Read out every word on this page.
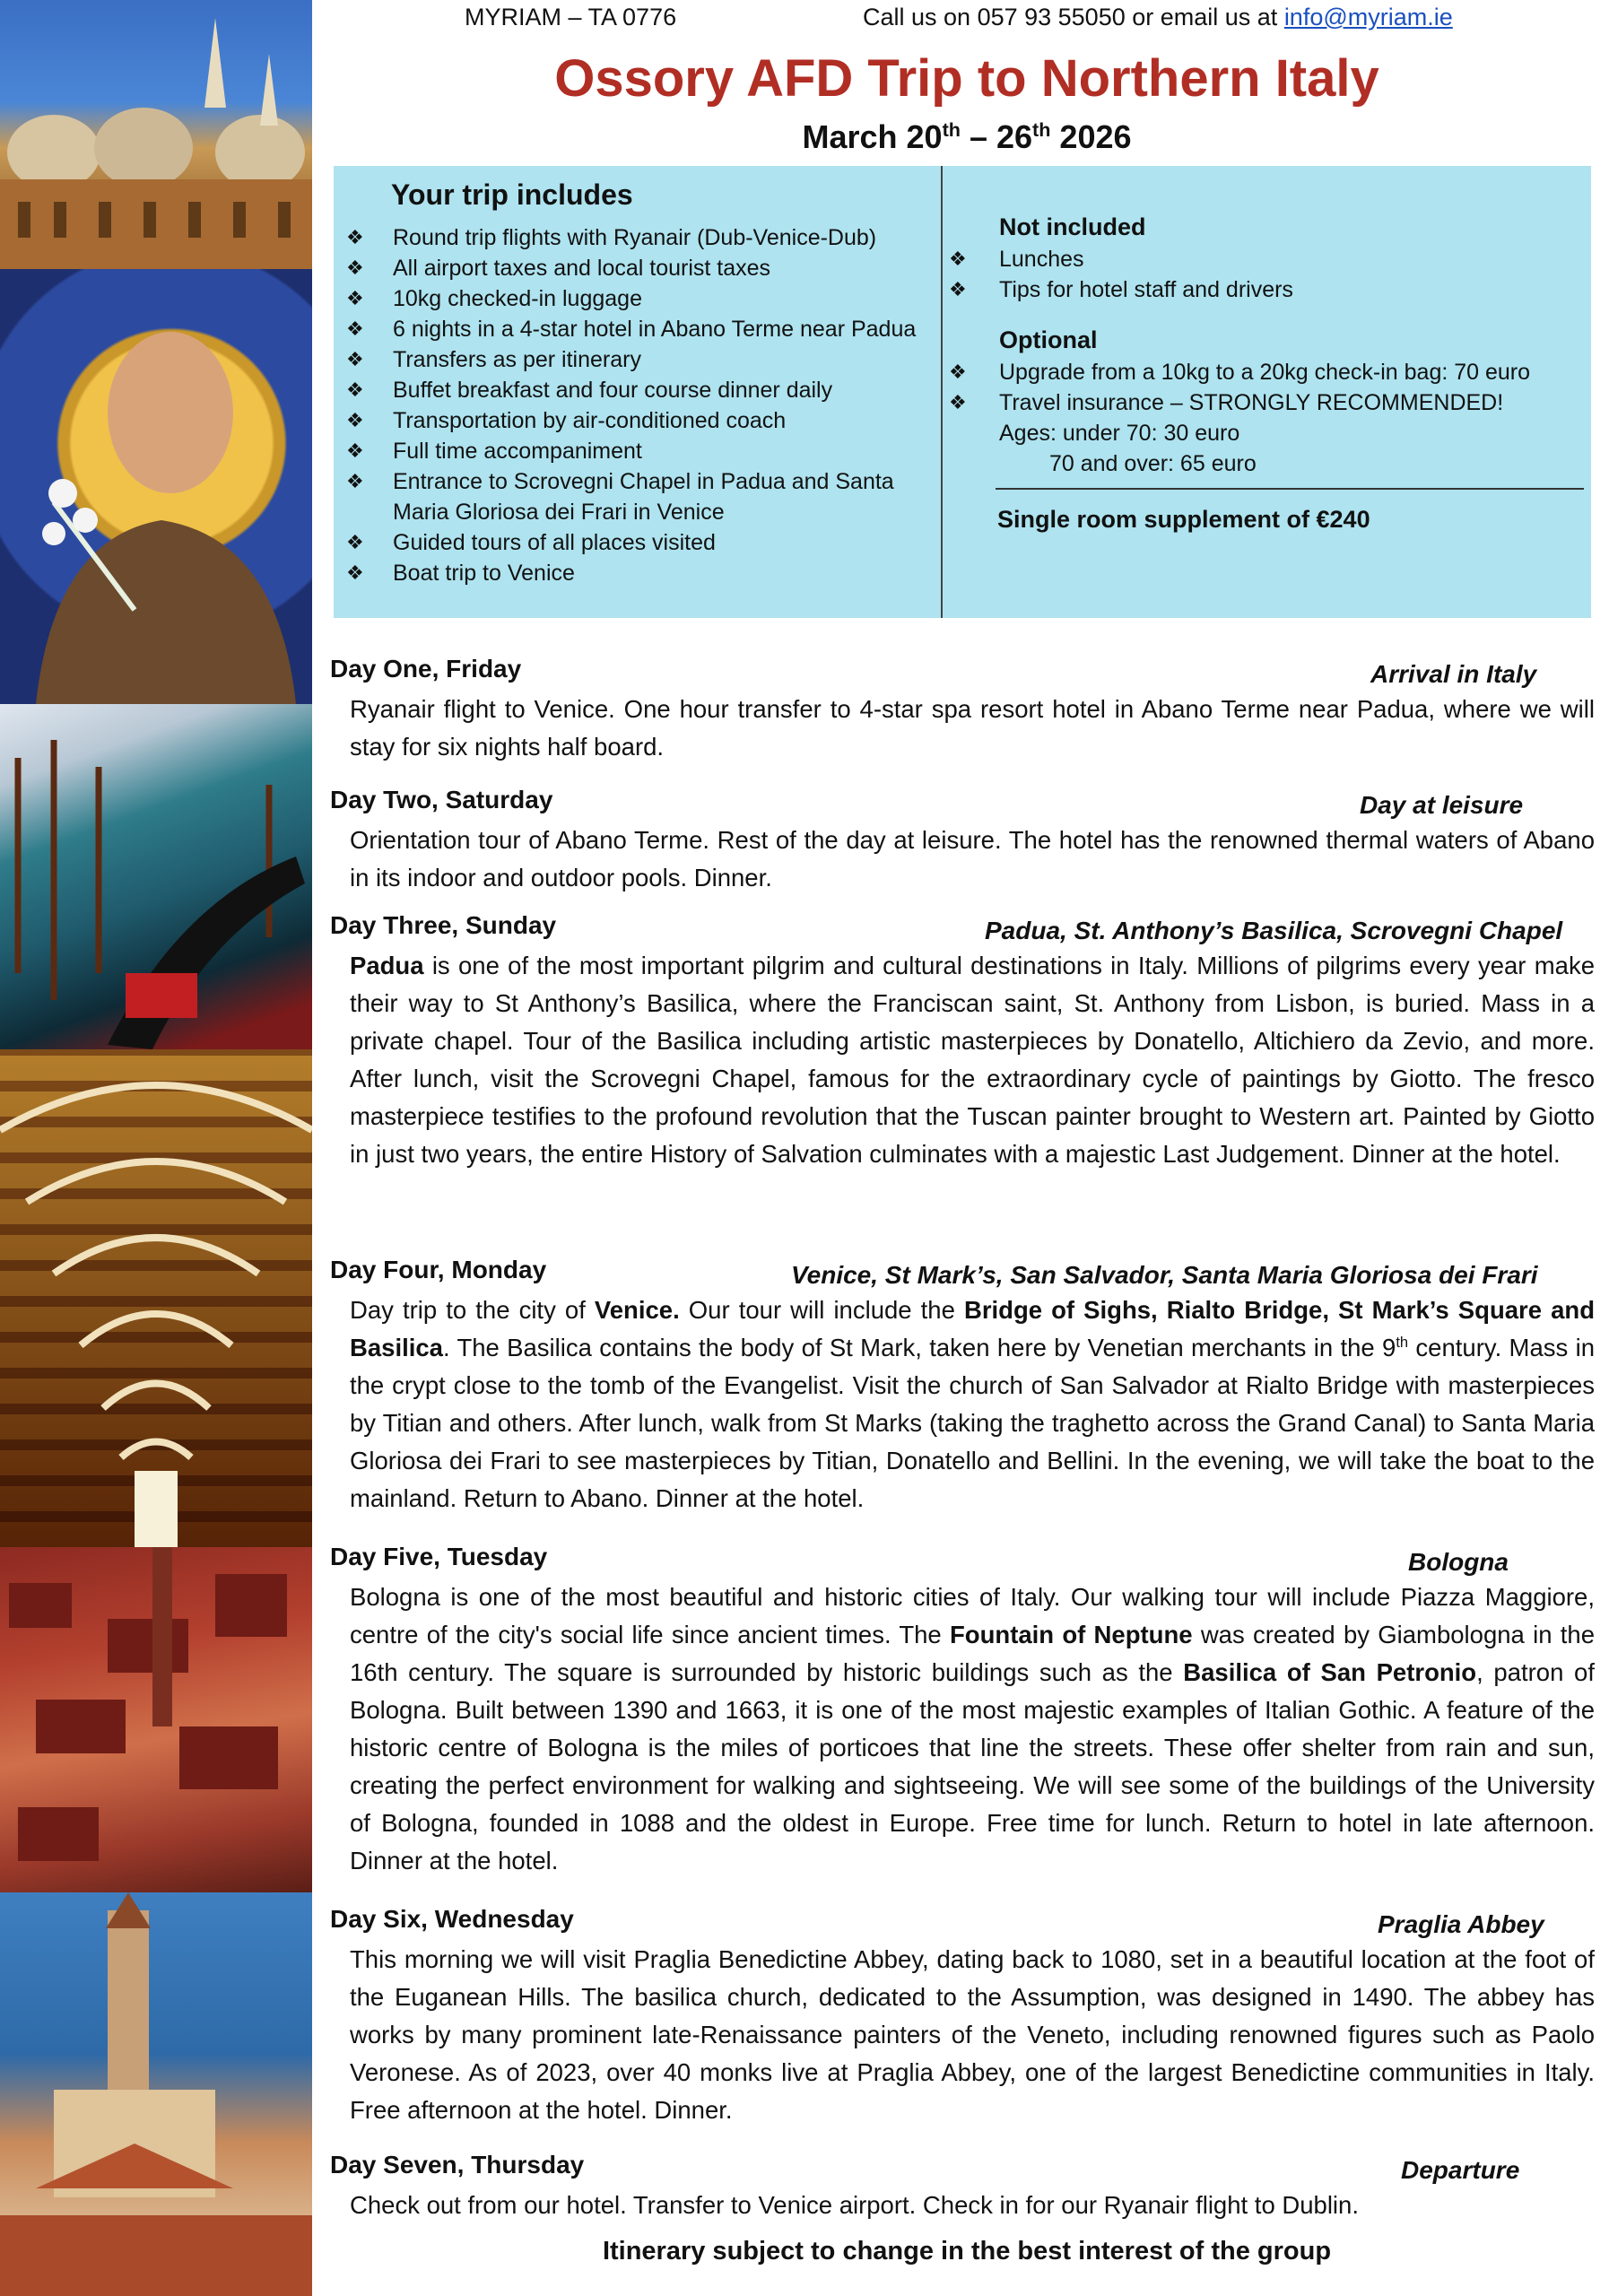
MYRIAM – TA 0776	Call us on 057 93 55050 or email us at info@myriam.ie
Ossory AFD Trip to Northern Italy
March 20th – 26th 2026
Your trip includes
❖ Round trip flights with Ryanair (Dub-Venice-Dub)
❖ All airport taxes and local tourist taxes
❖ 10kg checked-in luggage
❖ 6 nights in a 4-star hotel in Abano Terme near Padua
❖ Transfers as per itinerary
❖ Buffet breakfast and four course dinner daily
❖ Transportation by air-conditioned coach
❖ Full time accompaniment
❖ Entrance to Scrovegni Chapel in Padua and Santa Maria Gloriosa dei Frari in Venice
❖ Guided tours of all places visited
❖ Boat trip to Venice
Not included
❖ Lunches
❖ Tips for hotel staff and drivers
Optional
❖ Upgrade from a 10kg to a 20kg check-in bag: 70 euro
❖ Travel insurance – STRONGLY RECOMMENDED!
Ages: under 70: 30 euro
70 and over: 65 euro
Single room supplement of €240
Day One, Friday	Arrival in Italy

Ryanair flight to Venice. One hour transfer to 4-star spa resort hotel in Abano Terme near Padua, where we will stay for six nights half board.

Day Two, Saturday	Day at leisure

Orientation tour of Abano Terme. Rest of the day at leisure. The hotel has the renowned thermal waters of Abano in its indoor and outdoor pools. Dinner.

Day Three, Sunday	Padua, St. Anthony’s Basilica, Scrovegni Chapel

Padua is one of the most important pilgrim and cultural destinations in Italy. Millions of pilgrims every year make their way to St Anthony’s Basilica, where the Franciscan saint, St. Anthony from Lisbon, is buried. Mass in a private chapel. Tour of the Basilica including artistic masterpieces by Donatello, Altichiero da Zevio, and more. After lunch, visit the Scrovegni Chapel, famous for the extraordinary cycle of paintings by Giotto. The fresco masterpiece testifies to the profound revolution that the Tuscan painter brought to Western art. Painted by Giotto in just two years, the entire History of Salvation culminates with a majestic Last Judgement. Dinner at the hotel.

Day Four, Monday	Venice, St Mark’s, San Salvador, Santa Maria Gloriosa dei Frari

Day trip to the city of Venice. Our tour will include the Bridge of Sighs, Rialto Bridge, St Mark’s Square and Basilica. The Basilica contains the body of St Mark, taken here by Venetian merchants in the 9th century. Mass in the crypt close to the tomb of the Evangelist. Visit the church of San Salvador at Rialto Bridge with masterpieces by Titian and others. After lunch, walk from St Marks (taking the traghetto across the Grand Canal) to Santa Maria Gloriosa dei Frari to see masterpieces by Titian, Donatello and Bellini. In the evening, we will take the boat to the mainland. Return to Abano. Dinner at the hotel.

Day Five, Tuesday	Bologna

Bologna is one of the most beautiful and historic cities of Italy. Our walking tour will include Piazza Maggiore, centre of the city's social life since ancient times. The Fountain of Neptune was created by Giambologna in the 16th century. The square is surrounded by historic buildings such as the Basilica of San Petronio, patron of Bologna. Built between 1390 and 1663, it is one of the most majestic examples of Italian Gothic. A feature of the historic centre of Bologna is the miles of porticoes that line the streets. These offer shelter from rain and sun, creating the perfect environment for walking and sightseeing. We will see some of the buildings of the University of Bologna, founded in 1088 and the oldest in Europe. Free time for lunch. Return to hotel in late afternoon. Dinner at the hotel.

Day Six, Wednesday	Praglia Abbey

This morning we will visit Praglia Benedictine Abbey, dating back to 1080, set in a beautiful location at the foot of the Euganean Hills. The basilica church, dedicated to the Assumption, was designed in 1490. The abbey has works by many prominent late-Renaissance painters of the Veneto, including renowned figures such as Paolo Veronese. As of 2023, over 40 monks live at Praglia Abbey, one of the largest Benedictine communities in Italy. Free afternoon at the hotel. Dinner.

Day Seven, Thursday	Departure

Check out from our hotel. Transfer to Venice airport. Check in for our Ryanair flight to Dublin.

Itinerary subject to change in the best interest of the group
